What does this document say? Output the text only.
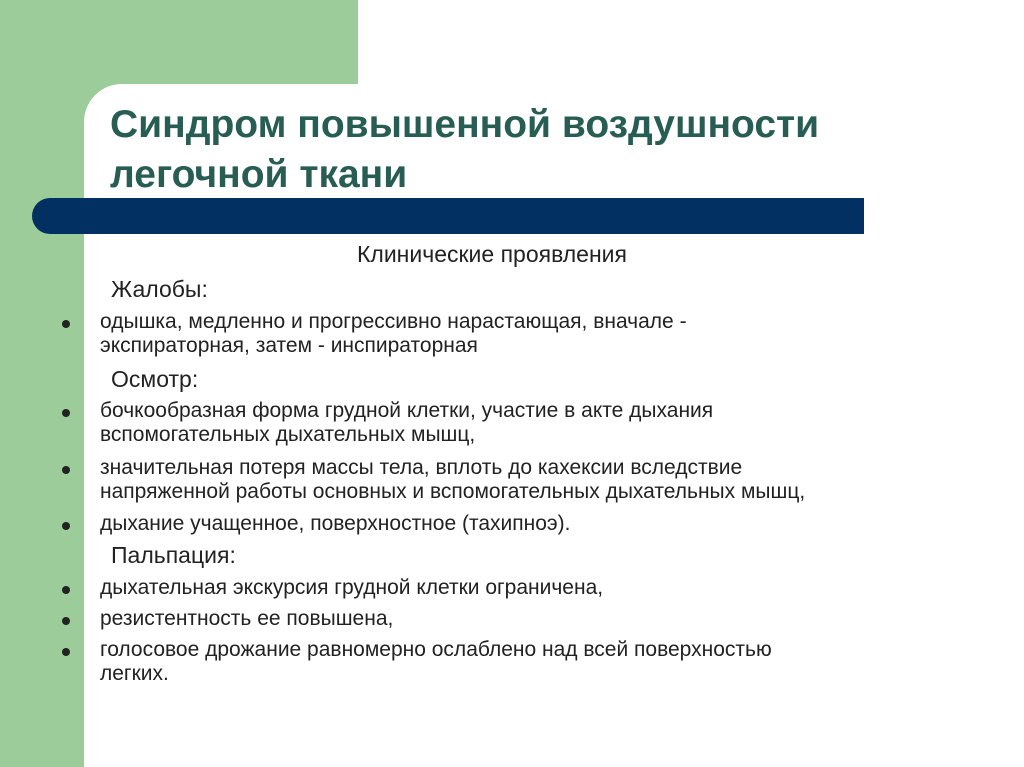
Синдром повышенной воздушности
легочной ткани
Клинические проявления
Жалобы:
одышка, медленно и прогрессивно нарастающая, вначале -
экспираторная, затем - инспираторная
Осмотр:
бочкообразная форма грудной клетки, участие в акте дыхания
вспомогательных дыхательных мышц,
значительная потеря массы тела, вплоть до кахексии вследствие
напряженной работы основных и вспомогательных дыхательных мышц,
дыхание учащенное, поверхностное (тахипноэ).
Пальпация:
дыхательная экскурсия грудной клетки ограничена,
резистентность ее повышена,
голосовое дрожание равномерно ослаблено над всей поверхностью
легких.
